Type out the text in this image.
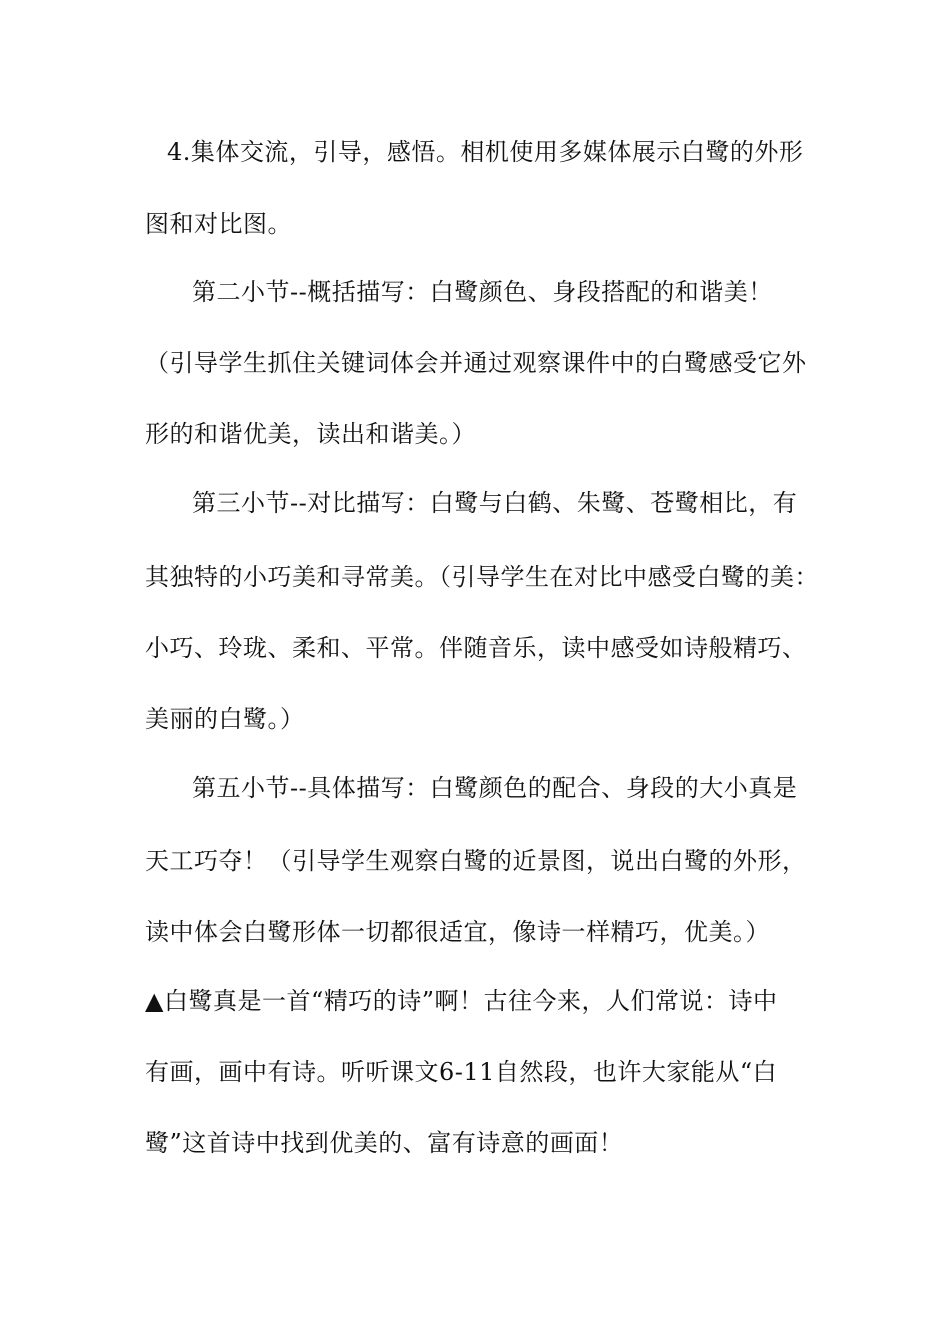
4.集体交流，引导，感悟。相机使用多媒体展示白鹭的外形

图和对比图。

第二小节--概括描写：白鹭颜色、身段搭配的和谐美！

（引导学生抓住关键词体会并通过观察课件中的白鹭感受它外

形的和谐优美，读出和谐美。）

第三小节--对比描写：白鹭与白鹤、朱鹭、苍鹭相比，有

其独特的小巧美和寻常美。（引导学生在对比中感受白鹭的美：

小巧、玲珑、柔和、平常。伴随音乐，读中感受如诗般精巧、

美丽的白鹭。）

第五小节--具体描写：白鹭颜色的配合、身段的大小真是

天工巧夺！（引导学生观察白鹭的近景图，说出白鹭的外形，

读中体会白鹭形体一切都很适宜，像诗一样精巧，优美。）

▲白鹭真是一首“精巧的诗”啊！古往今来，人们常说：诗中

有画，画中有诗。听听课文6-11自然段，也许大家能从“白

鹭”这首诗中找到优美的、富有诗意的画面！
